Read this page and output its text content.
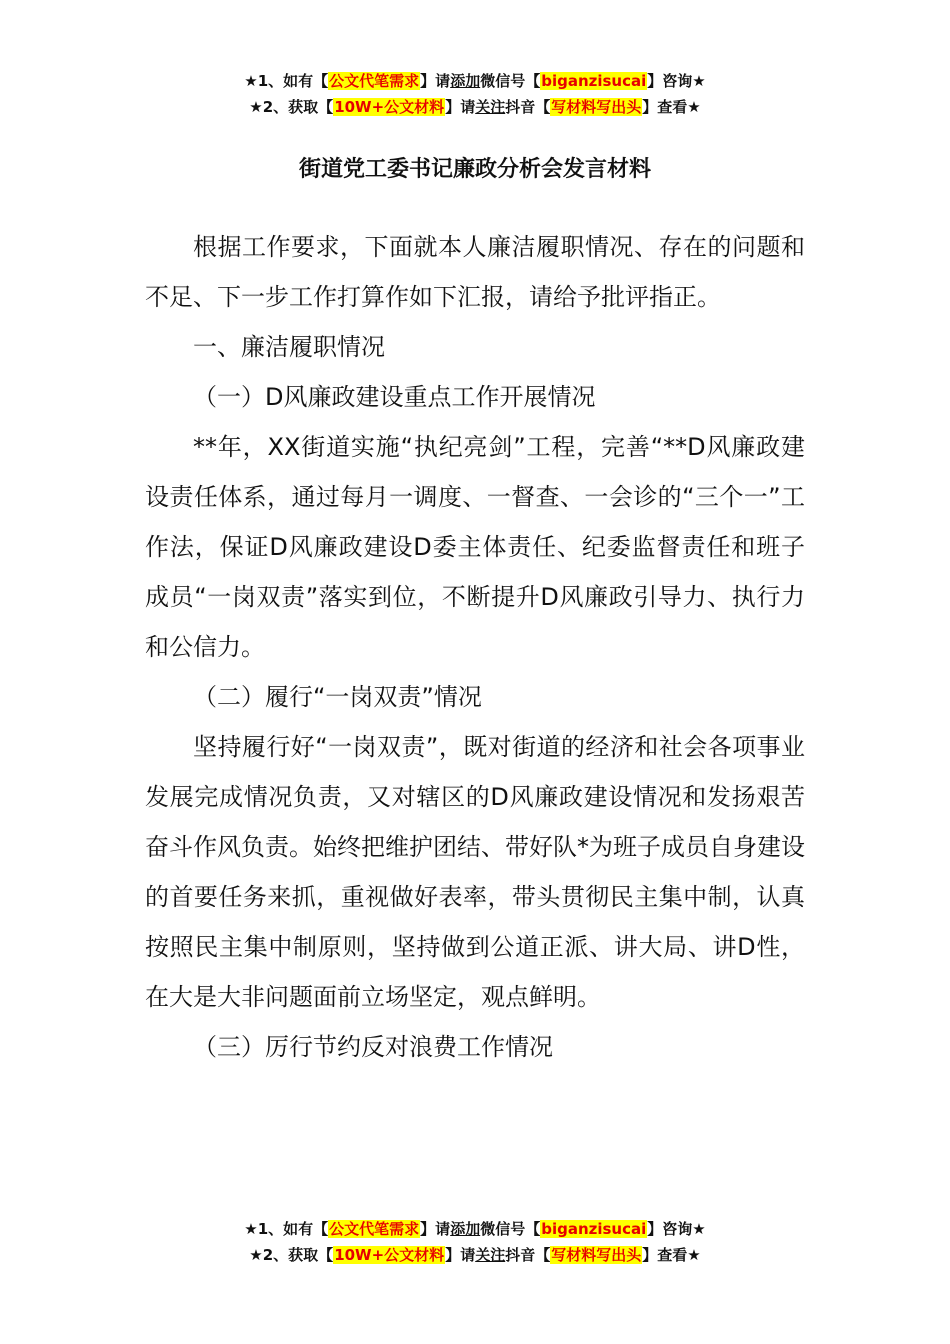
★1、如有【公文代笔需求】请添加微信号【biganzisucai】咨询★
★2、获取【10W+公文材料】请关注抖音【写材料写出头】查看★
街道党工委书记廉政分析会发言材料

根据工作要求，下面就本人廉洁履职情况、存在的问题和不足、下一步工作打算作如下汇报，请给予批评指正。

一、廉洁履职情况

（一）D风廉政建设重点工作开展情况

**年，XX街道实施“执纪亮剑”工程，完善“**D风廉政建设责任体系，通过每月一调度、一督查、一会诊的“三个一”工作法，保证D风廉政建设D委主体责任、纪委监督责任和班子成员“一岗双责”落实到位，不断提升D风廉政引导力、执行力和公信力。

（二）履行“一岗双责”情况

坚持履行好“一岗双责”，既对街道的经济和社会各项事业发展完成情况负责，又对辖区的D风廉政建设情况和发扬艰苦奋斗作风负责。始终把维护团结、带好队*为班子成员自身建设的首要任务来抓，重视做好表率，带头贯彻民主集中制，认真按照民主集中制原则，坚持做到公道正派、讲大局、讲D性，在大是大非问题面前立场坚定，观点鲜明。

（三）厉行节约反对浪费工作情况

★1、如有【公文代笔需求】请添加微信号【biganzisucai】咨询★
★2、获取【10W+公文材料】请关注抖音【写材料写出头】查看★
